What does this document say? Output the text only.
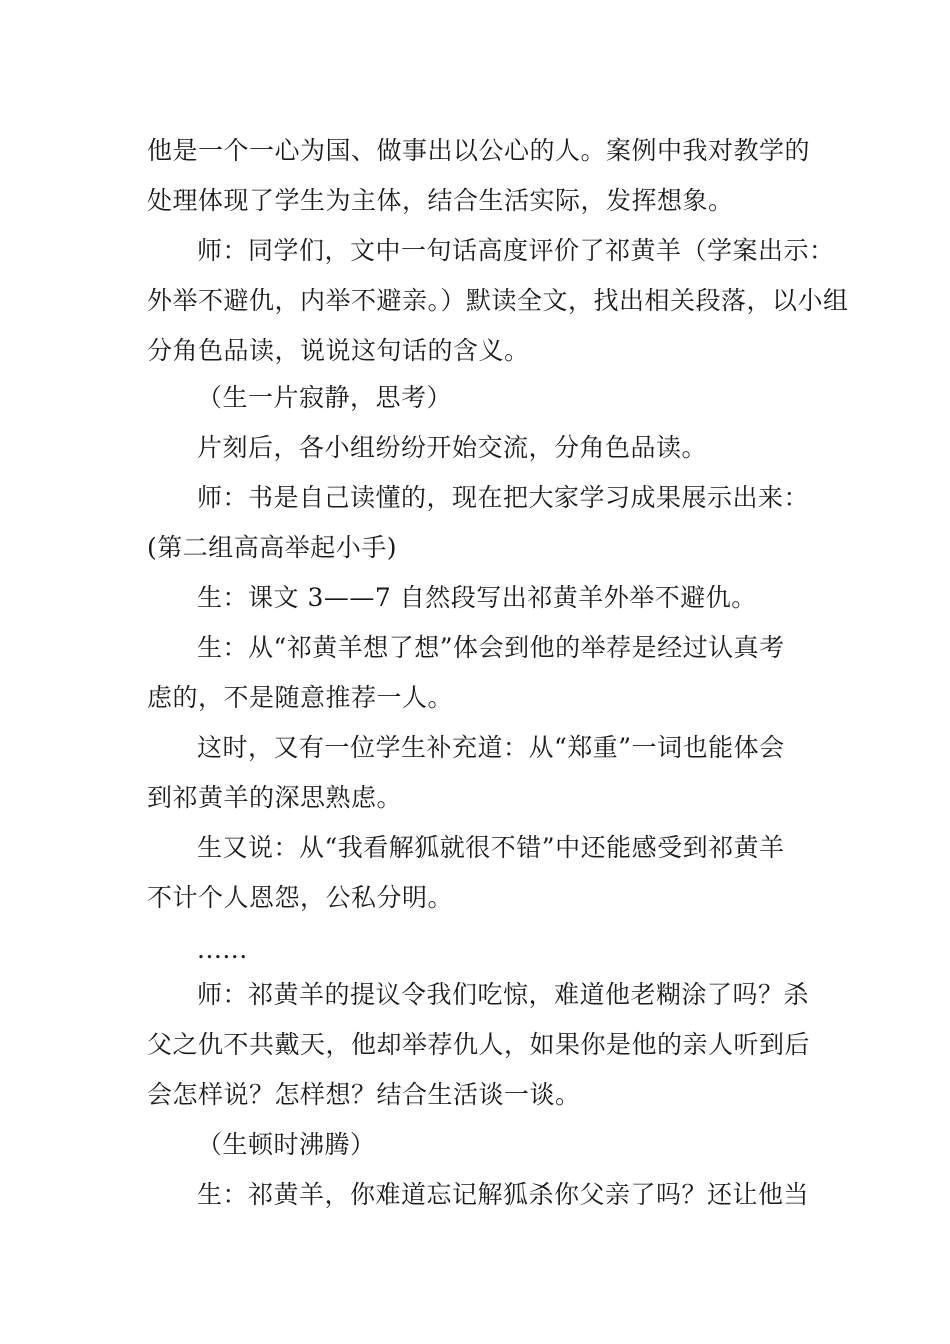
他是一个一心为国、做事出以公心的人。案例中我对教学的
处理体现了学生为主体，结合生活实际，发挥想象。
师：同学们，文中一句话高度评价了祁黄羊（学案出示：
外举不避仇，内举不避亲。）默读全文，找出相关段落，以小组
分角色品读，说说这句话的含义。
（生一片寂静，思考）
片刻后，各小组纷纷开始交流，分角色品读。
师：书是自己读懂的，现在把大家学习成果展示出来：
(第二组高高举起小手)
生：课文 3——7 自然段写出祁黄羊外举不避仇。
生：从“祁黄羊想了想”体会到他的举荐是经过认真考
虑的，不是随意推荐一人。
这时，又有一位学生补充道：从“郑重”一词也能体会
到祁黄羊的深思熟虑。
生又说：从“我看解狐就很不错”中还能感受到祁黄羊
不计个人恩怨，公私分明。
......
师：祁黄羊的提议令我们吃惊，难道他老糊涂了吗？杀
父之仇不共戴天，他却举荐仇人，如果你是他的亲人听到后
会怎样说？怎样想？结合生活谈一谈。
（生顿时沸腾）
生：祁黄羊，你难道忘记解狐杀你父亲了吗？还让他当
